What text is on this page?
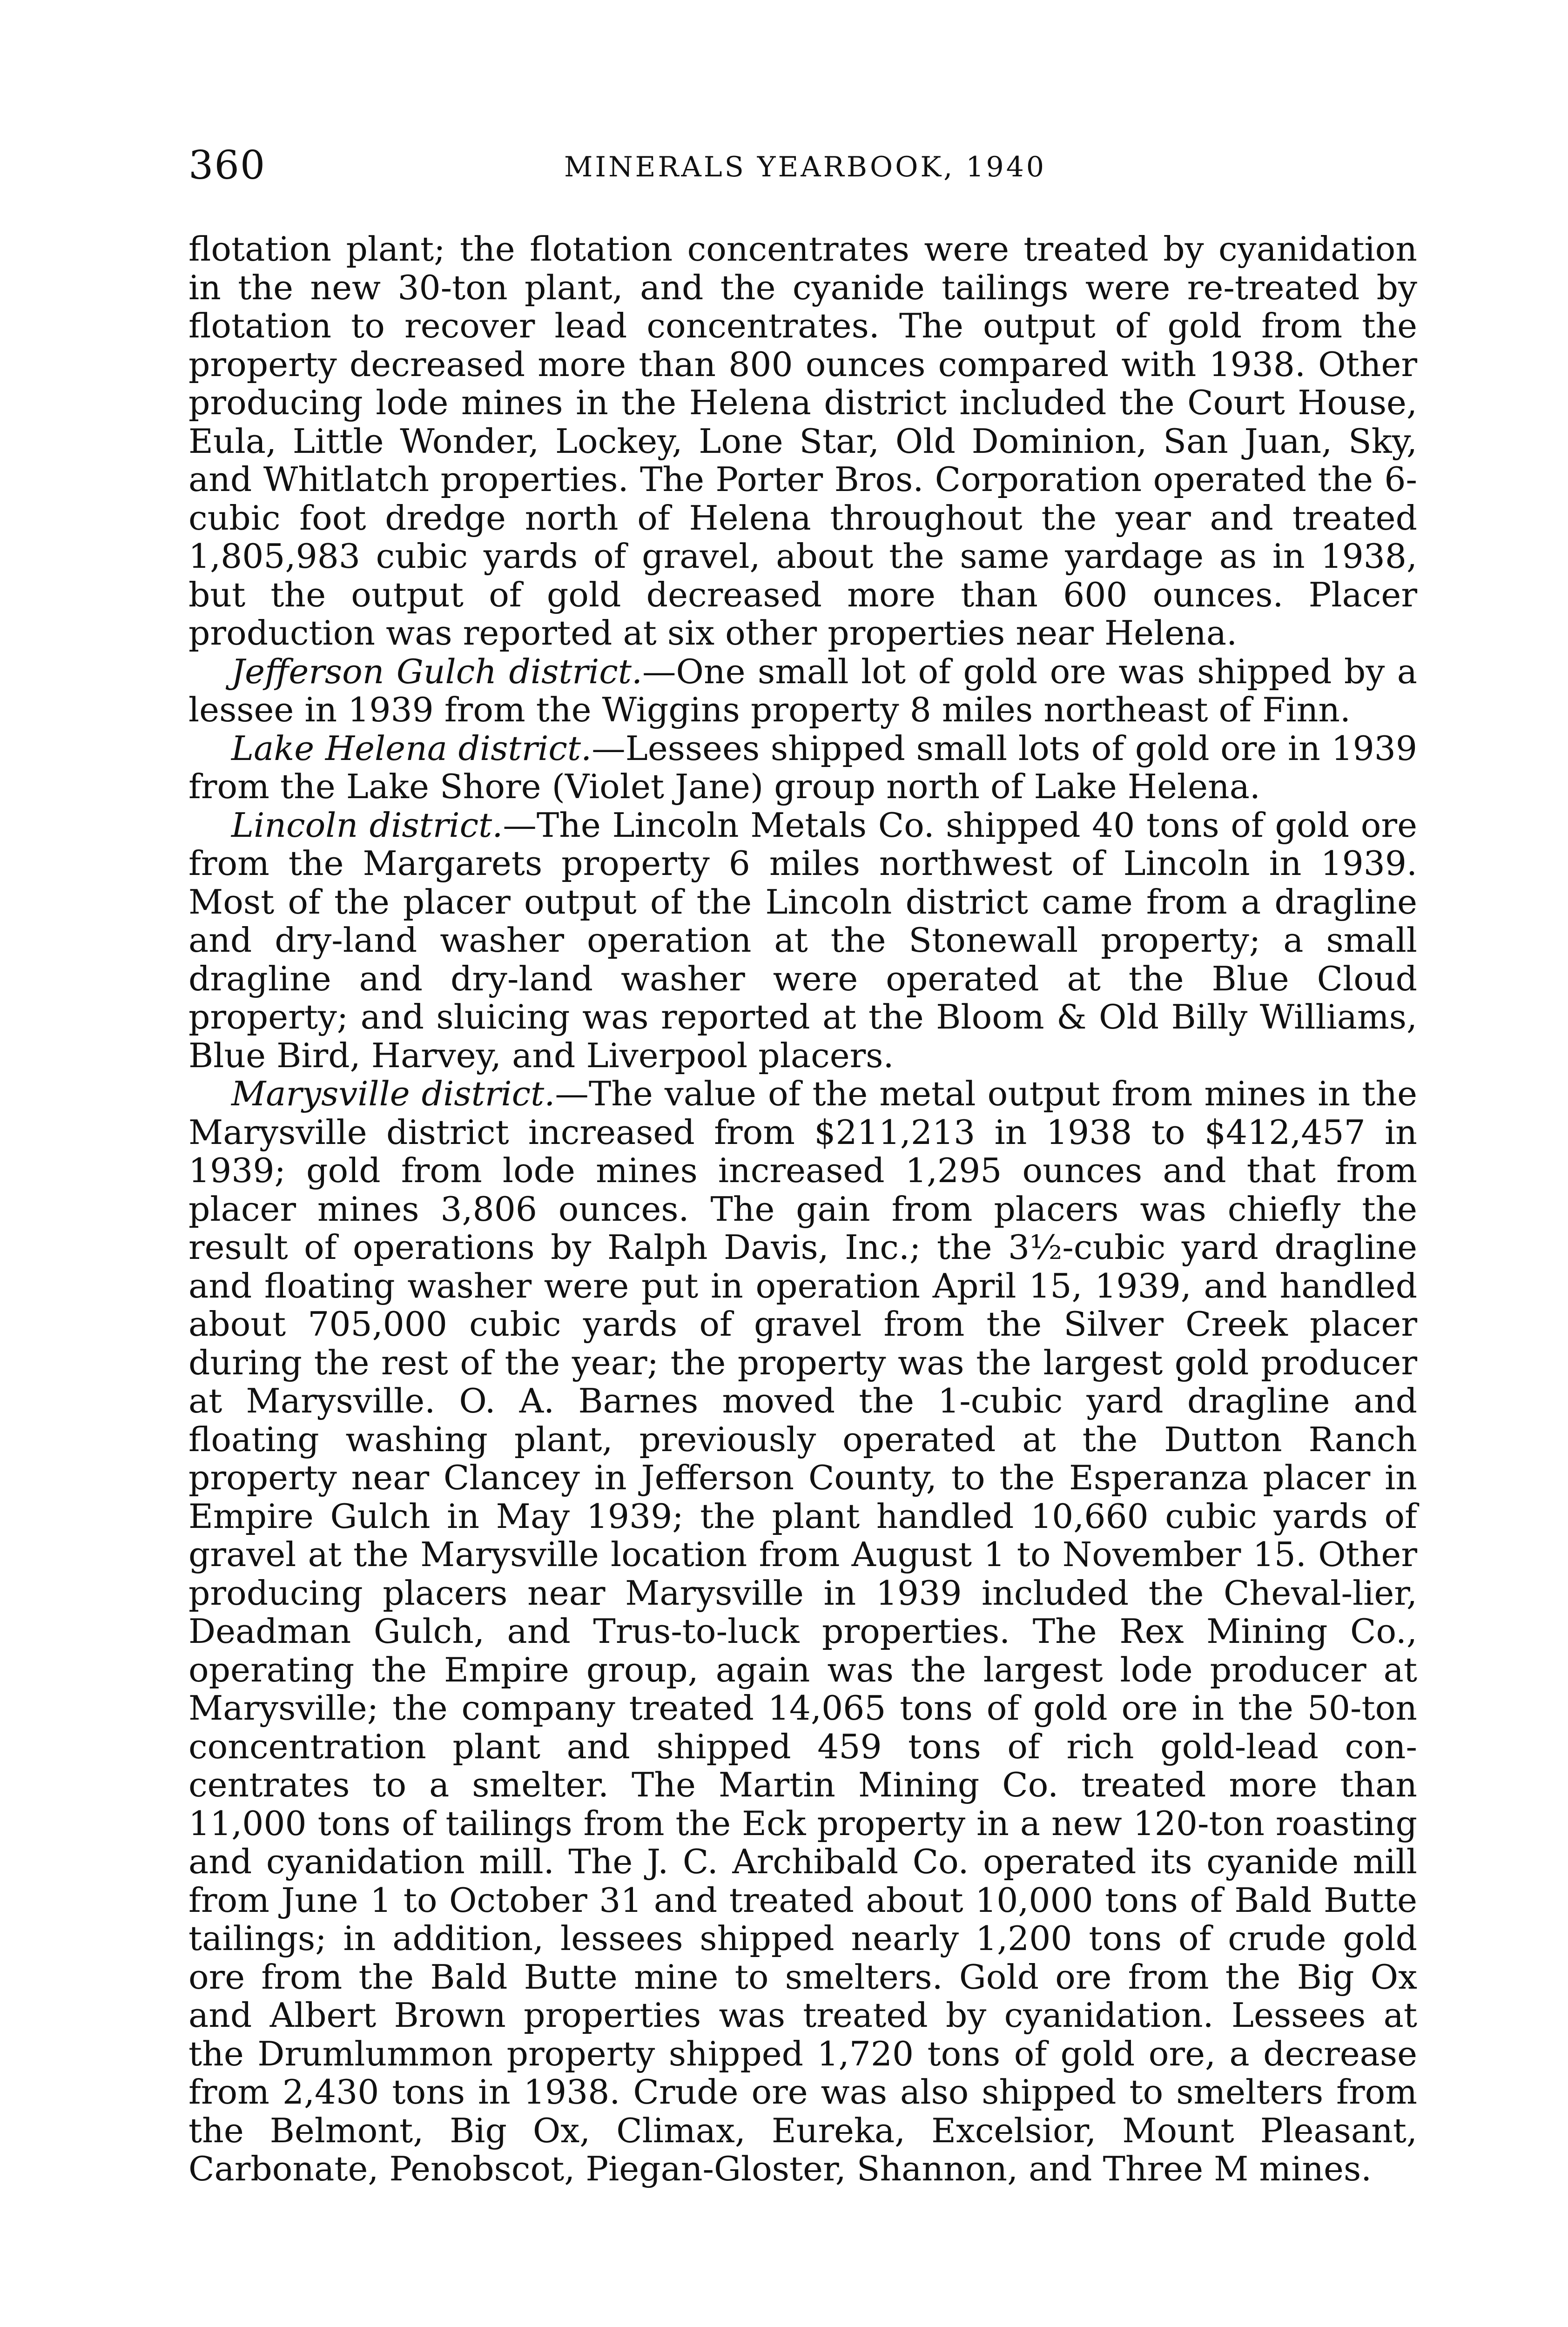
360	MINERALS YEARBOOK, 1940

flotation plant; the flotation concentrates were treated by cyanidation in the new 30-ton plant, and the cyanide tailings were re-treated by flotation to recover lead concentrates. The output of gold from the property decreased more than 800 ounces compared with 1938. Other producing lode mines in the Helena district included the Court House, Eula, Little Wonder, Lockey, Lone Star, Old Dominion, San Juan, Sky, and Whitlatch properties. The Porter Bros. Corporation operated the 6-cubic foot dredge north of Helena throughout the year and treated 1,805,983 cubic yards of gravel, about the same yardage as in 1938, but the output of gold decreased more than 600 ounces. Placer production was reported at six other properties near Helena.

Jefferson Gulch district.—One small lot of gold ore was shipped by a lessee in 1939 from the Wiggins property 8 miles northeast of Finn.

Lake Helena district.—Lessees shipped small lots of gold ore in 1939 from the Lake Shore (Violet Jane) group north of Lake Helena.

Lincoln district.—The Lincoln Metals Co. shipped 40 tons of gold ore from the Margarets property 6 miles northwest of Lincoln in 1939. Most of the placer output of the Lincoln district came from a dragline and dry-land washer operation at the Stonewall property; a small dragline and dry-land washer were operated at the Blue Cloud property; and sluicing was reported at the Bloom & Old Billy Williams, Blue Bird, Harvey, and Liverpool placers.

Marysville district.—The value of the metal output from mines in the Marysville district increased from $211,213 in 1938 to $412,457 in 1939; gold from lode mines increased 1,295 ounces and that from placer mines 3,806 ounces. The gain from placers was chiefly the result of operations by Ralph Davis, Inc.; the 3½-cubic yard dragline and floating washer were put in operation April 15, 1939, and handled about 705,000 cubic yards of gravel from the Silver Creek placer during the rest of the year; the property was the largest gold producer at Marysville. O. A. Barnes moved the 1-cubic yard dragline and floating washing plant, previously operated at the Dutton Ranch property near Clancey in Jefferson County, to the Esperanza placer in Empire Gulch in May 1939; the plant handled 10,660 cubic yards of gravel at the Marysville location from August 1 to November 15. Other producing placers near Marysville in 1939 included the Cheval-lier, Deadman Gulch, and Trus-to-luck properties. The Rex Mining Co., operating the Empire group, again was the largest lode producer at Marysville; the company treated 14,065 tons of gold ore in the 50-ton concentration plant and shipped 459 tons of rich gold-lead con-centrates to a smelter. The Martin Mining Co. treated more than 11,000 tons of tailings from the Eck property in a new 120-ton roasting and cyanidation mill. The J. C. Archibald Co. operated its cyanide mill from June 1 to October 31 and treated about 10,000 tons of Bald Butte tailings; in addition, lessees shipped nearly 1,200 tons of crude gold ore from the Bald Butte mine to smelters. Gold ore from the Big Ox and Albert Brown properties was treated by cyanidation. Lessees at the Drumlummon property shipped 1,720 tons of gold ore, a decrease from 2,430 tons in 1938. Crude ore was also shipped to smelters from the Belmont, Big Ox, Climax, Eureka, Excelsior, Mount Pleasant, Carbonate, Penobscot, Piegan-Gloster, Shannon, and Three M mines.
